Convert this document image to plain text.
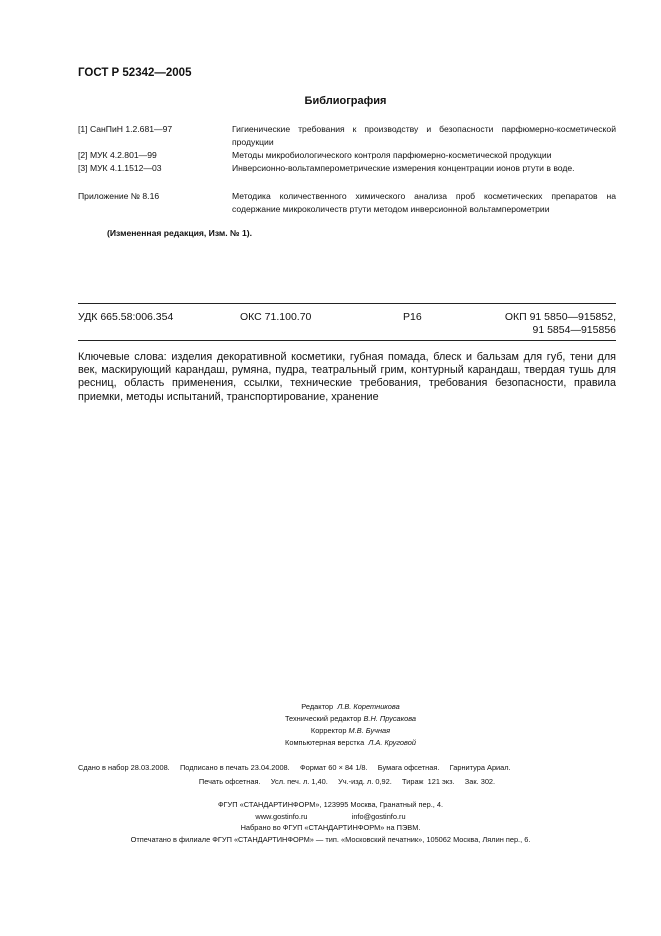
ГОСТ Р 52342—2005
Библиография
[1] СанПиН 1.2.681—97	Гигиенические требования к производству и безопасности парфюмерно-косметической продукции
[2] МУК 4.2.801—99	Методы микробиологического контроля парфюмерно-косметической продукции
[3] МУК 4.1.1512—03	Инверсионно-вольтамперометрические измерения концентрации ионов ртути в воде.
Приложение № 8.16	Методика количественного химического анализа проб косметических препаратов на содержание микроколичеств ртути методом инверсионной вольтамперометрии
(Измененная редакция, Изм. № 1).
УДК 665.58:006.354	ОКС 71.100.70	Р16	ОКП 91 5850—915852,
91 5854—915856
Ключевые слова: изделия декоративной косметики, губная помада, блеск и бальзам для губ, тени для век, маскирующий карандаш, румяна, пудра, театральный грим, контурный карандаш, твердая тушь для ресниц, область применения, ссылки, технические требования, требования безопасности, правила приемки, методы испытаний, транспортирование, хранение
Редактор Л.В. Коретникова
Технический редактор В.Н. Прусакова
Корректор М.В. Бучная
Компьютерная верстка Л.А. Круговой
Сдано в набор 28.03.2008.     Подписано в печать 23.04.2008.     Формат 60 × 84 1/8.     Бумага офсетная.     Гарнитура Ариал.
Печать офсетная.     Усл. печ. л. 1,40.     Уч.-изд. л. 0,92.     Тираж  121 экз.     Зак. 302.
ФГУП «СТАНДАРТИНФОРМ», 123995 Москва, Гранатный пер., 4.
www.gostinfo.ru	info@gostinfo.ru
Набрано во ФГУП «СТАНДАРТИНФОРМ» на ПЭВМ.
Отпечатано в филиале ФГУП «СТАНДАРТИНФОРМ» — тип. «Московский печатник», 105062 Москва, Лялин пер., 6.
